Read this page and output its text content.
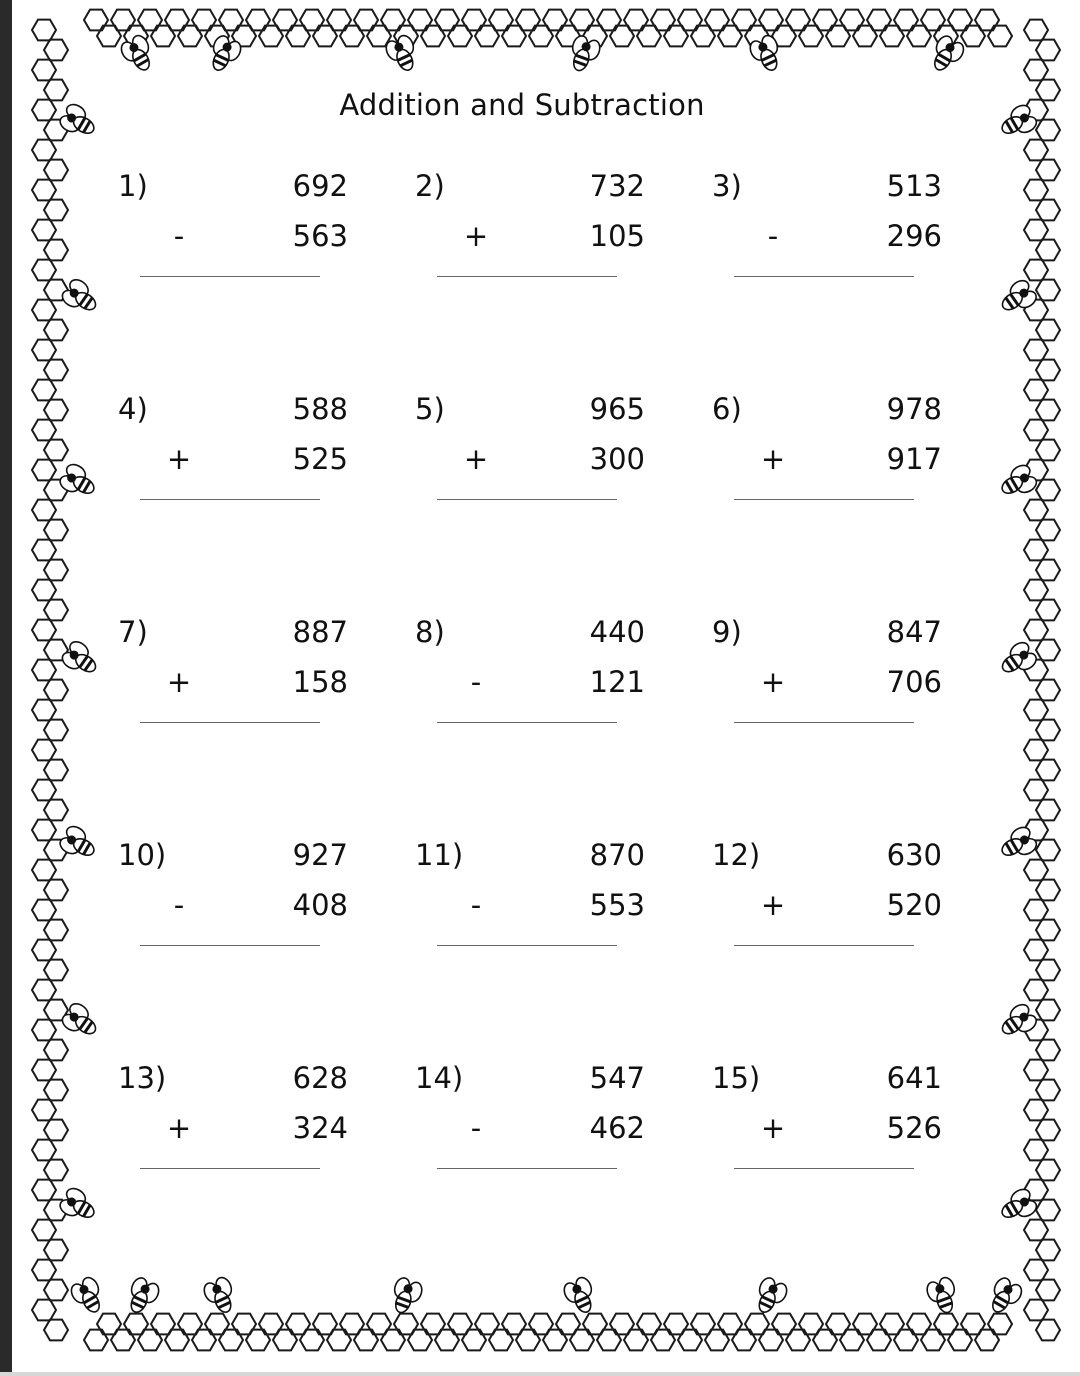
Addition and Subtraction
1)	692
-	563
2)	732
+	105
3)	513
-	296
4)	588
+	525
5)	965
+	300
6)	978
+	917
7)	887
+	158
8)	440
-	121
9)	847
+	706
10)	927
-	408
11)	870
-	553
12)	630
+	520
13)	628
+	324
14)	547
-	462
15)	641
+	526
